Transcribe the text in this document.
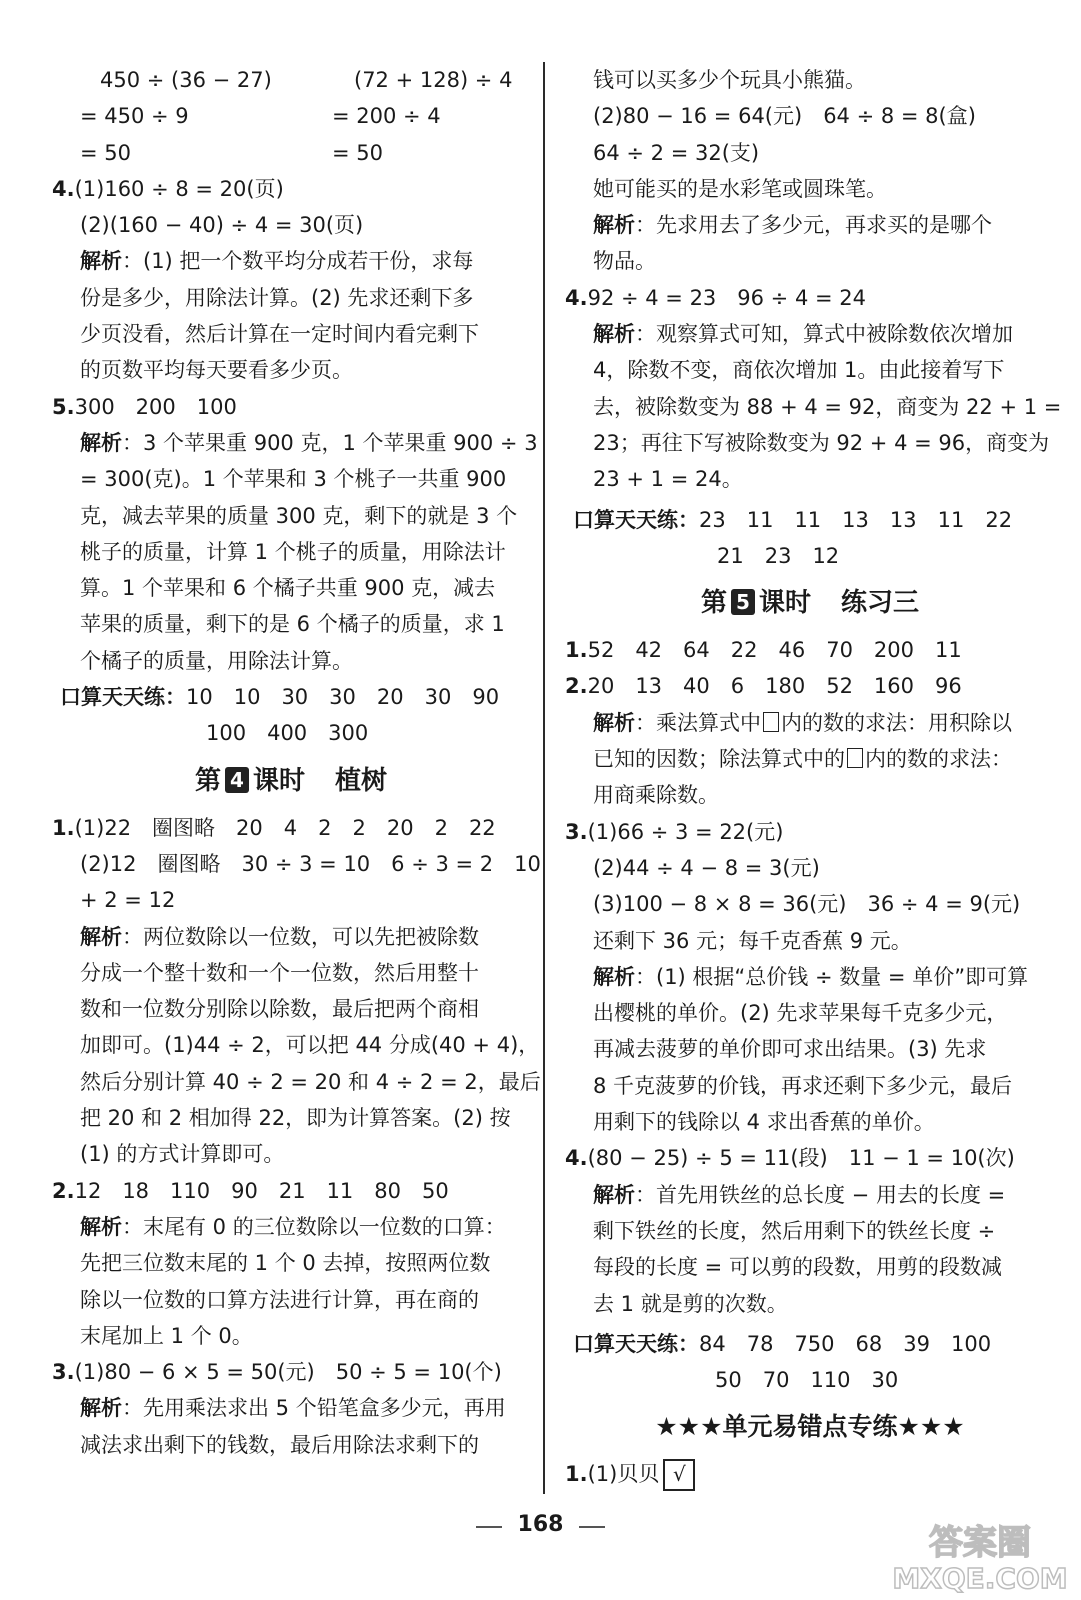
450 ÷ (36 − 27)	(72 + 128) ÷ 4
= 450 ÷ 9	= 200 ÷ 4
= 50	= 50
4.(1)160 ÷ 8 = 20(页)
(2)(160 − 40) ÷ 4 = 30(页)
解析：(1) 把一个数平均分成若干份，求每
份是多少，用除法计算。(2) 先求还剩下多
少页没看，然后计算在一定时间内看完剩下
的页数平均每天要看多少页。
5.300　200　100
解析：3 个苹果重 900 克，1 个苹果重 900 ÷ 3
= 300(克)。1 个苹果和 3 个桃子一共重 900
克，减去苹果的质量 300 克，剩下的就是 3 个
桃子的质量，计算 1 个桃子的质量，用除法计
算。1 个苹果和 6 个橘子共重 900 克，减去
苹果的质量，剩下的是 6 个橘子的质量，求 1
个橘子的质量，用除法计算。
口算天天练：10　10　30　30　20　30　90
100　400　300
第 4 课时 植树
1.(1)22　圈图略　20　4　2　2　20　2　22
(2)12　圈图略　30 ÷ 3 = 10　6 ÷ 3 = 2　10
+ 2 = 12
解析：两位数除以一位数，可以先把被除数
分成一个整十数和一个一位数，然后用整十
数和一位数分别除以除数，最后把两个商相
加即可。(1)44 ÷ 2，可以把 44 分成(40 + 4)，
然后分别计算 40 ÷ 2 = 20 和 4 ÷ 2 = 2，最后
把 20 和 2 相加得 22，即为计算答案。(2) 按
(1) 的方式计算即可。
2.12　18　110　90　21　11　80　50
解析：末尾有 0 的三位数除以一位数的口算：
先把三位数末尾的 1 个 0 去掉，按照两位数
除以一位数的口算方法进行计算，再在商的
末尾加上 1 个 0。
3.(1)80 − 6 × 5 = 50(元)　50 ÷ 5 = 10(个)
解析：先用乘法求出 5 个铅笔盒多少元，再用
减法求出剩下的钱数，最后用除法求剩下的
钱可以买多少个玩具小熊猫。
(2)80 − 16 = 64(元)　64 ÷ 8 = 8(盒)
64 ÷ 2 = 32(支)
她可能买的是水彩笔或圆珠笔。
解析：先求用去了多少元，再求买的是哪个
物品。
4.92 ÷ 4 = 23　96 ÷ 4 = 24
解析：观察算式可知，算式中被除数依次增加
4，除数不变，商依次增加 1。由此接着写下
去，被除数变为 88 + 4 = 92，商变为 22 + 1 =
23；再往下写被除数变为 92 + 4 = 96，商变为
23 + 1 = 24。
口算天天练：23　11　11　13　13　11　22
21　23　12
第 5 课时 练习三
1.52　42　64　22　46　70　200　11
2.20　13　40　6　180　52　160　96
解析：乘法算式中 内的数的求法：用积除以
已知的因数；除法算式中的 内的数的求法：
用商乘除数。
3.(1)66 ÷ 3 = 22(元)
(2)44 ÷ 4 − 8 = 3(元)
(3)100 − 8 × 8 = 36(元)　36 ÷ 4 = 9(元)
还剩下 36 元；每千克香蕉 9 元。
解析：(1) 根据“总价钱 ÷ 数量 = 单价”即可算
出樱桃的单价。(2) 先求苹果每千克多少元，
再减去菠萝的单价即可求出结果。(3) 先求
8 千克菠萝的价钱，再求还剩下多少元，最后
用剩下的钱除以 4 求出香蕉的单价。
4.(80 − 25) ÷ 5 = 11(段)　11 − 1 = 10(次)
解析：首先用铁丝的总长度 − 用去的长度 =
剩下铁丝的长度，然后用剩下的铁丝长度 ÷
每段的长度 = 可以剪的段数，用剪的段数减
去 1 就是剪的次数。
口算天天练：84　78　750　68　39　100
50　70　110　30
★★★单元易错点专练★★★
1.(1)贝贝 √
168	答案圈
MXQE.COM
